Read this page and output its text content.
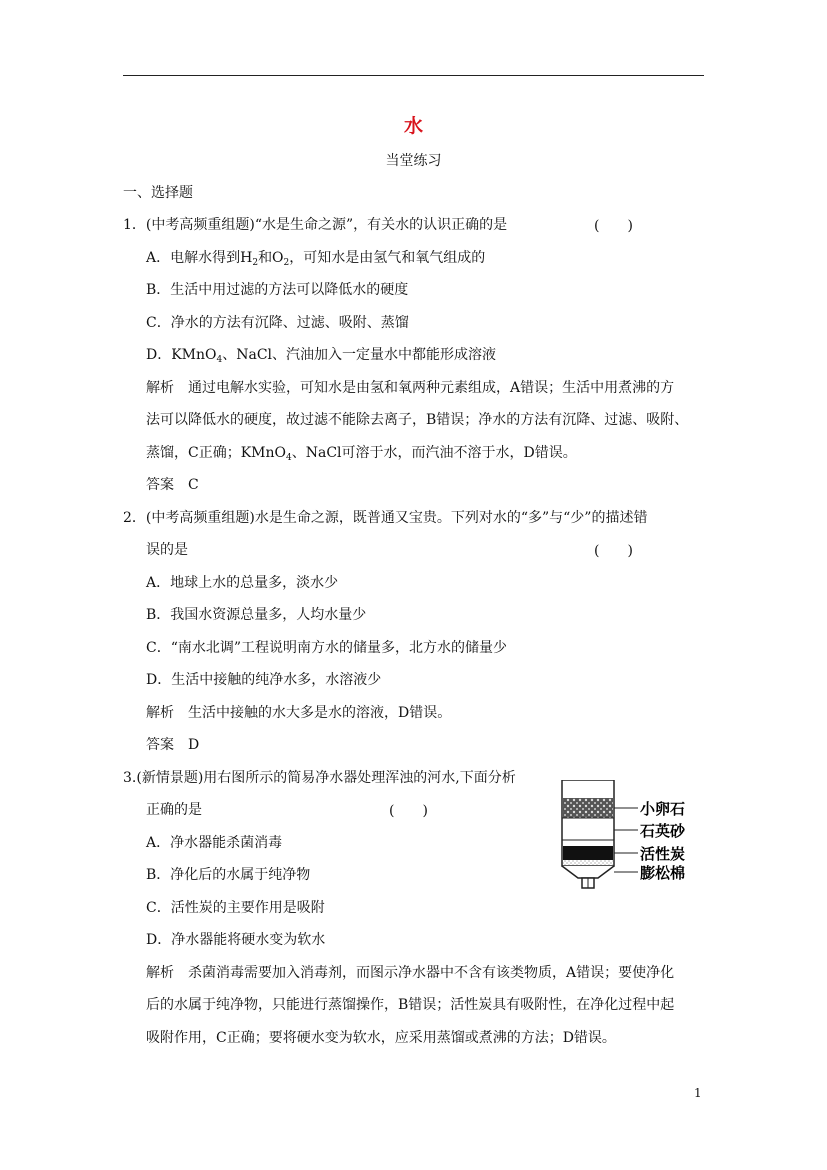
水
当堂练习
一、选择题
1．(中考高频重组题)“水是生命之源”，有关水的认识正确的是	(　　)
A．电解水得到$H_2$和$O_2$，可知水是由氢气和氧气组成的
B．生活中用过滤的方法可以降低水的硬度
C．净水的方法有沉降、过滤、吸附、蒸馏
D．KMnO$_4$、NaCl、汽油加入一定量水中都能形成溶液
解析　通过电解水实验，可知水是由氢和氧两种元素组成，A错误；生活中用煮沸的方
法可以降低水的硬度，故过滤不能除去离子，B错误；净水的方法有沉降、过滤、吸附、
蒸馏，C正确；KMnO$_4$、NaCl可溶于水，而汽油不溶于水，D错误。
答案　C
2．(中考高频重组题)水是生命之源，既普通又宝贵。下列对水的“多”与“少”的描述错
误的是	(　　)
A．地球上水的总量多，淡水少
B．我国水资源总量多，人均水量少
C．“南水北调”工程说明南方水的储量多，北方水的储量少
D．生活中接触的纯净水多，水溶液少
解析　生活中接触的水大多是水的溶液，D错误。
答案　D
3.(新情景题)用右图所示的简易净水器处理浑浊的河水,下面分析
正确的是	(　　)
A．净水器能杀菌消毒
B．净化后的水属于纯净物
C．活性炭的主要作用是吸附
D．净水器能将硬水变为软水
解析　杀菌消毒需要加入消毒剂，而图示净水器中不含有该类物质，A错误；要使净化
后的水属于纯净物，只能进行蒸馏操作，B错误；活性炭具有吸附性，在净化过程中起
吸附作用，C正确；要将硬水变为软水，应采用蒸馏或煮沸的方法；D错误。
小卵石
石英砂
活性炭
膨松棉
1
